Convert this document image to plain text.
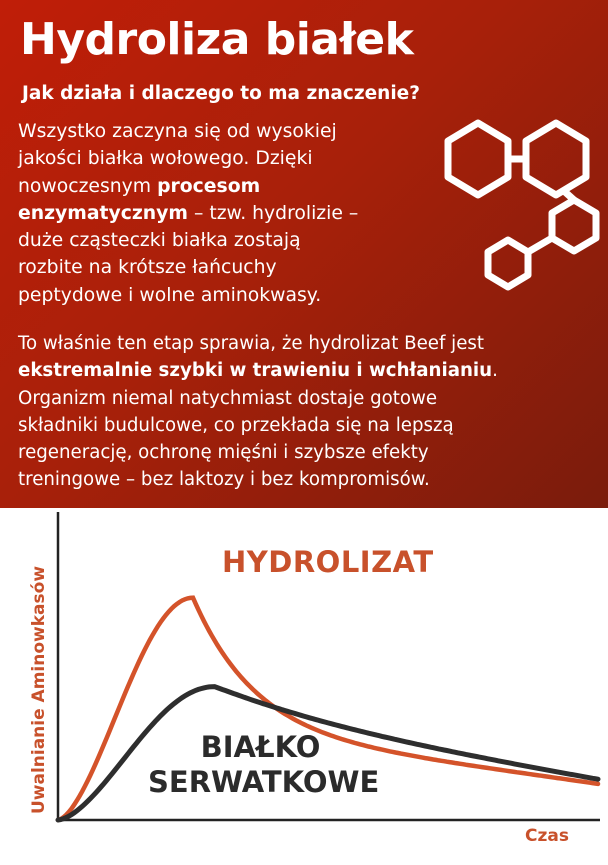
Hydroliza białek

Jak działa i dlaczego to ma znaczenie?

Wszystko zaczyna się od wysokiej
jakości białka wołowego. Dzięki
nowoczesnym procesom
enzymatycznym – tzw. hydrolizie –
duże cząsteczki białka zostają
rozbite na krótsze łańcuchy
peptydowe i wolne aminokwasy.
To właśnie ten etap sprawia, że hydrolizat Beef jest
ekstremalnie szybki w trawieniu i wchłanianiu.
Organizm niemal natychmiast dostaje gotowe
składniki budulcowe, co przekłada się na lepszą
regenerację, ochronę mięśni i szybsze efekty
treningowe – bez laktozy i bez kompromisów.
Uwalnianie Aminowkasów
Czas
HYDROLIZAT
BIAŁKO
SERWATKOWE
